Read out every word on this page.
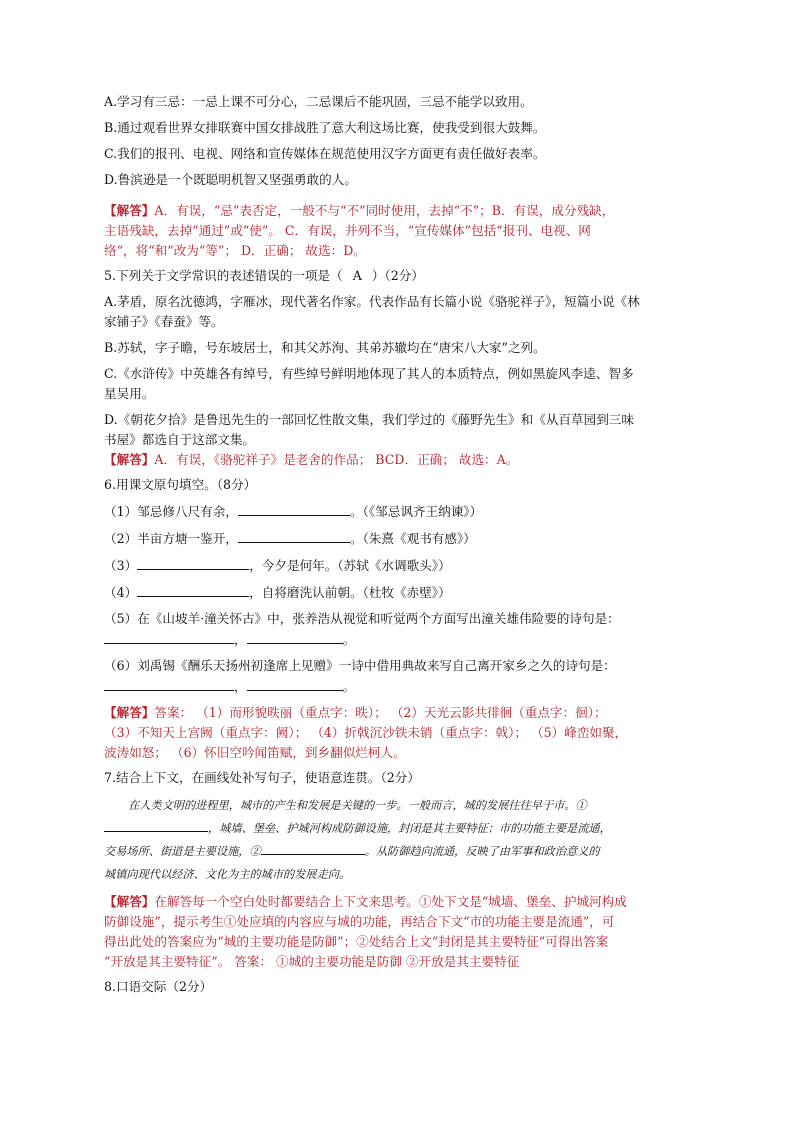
A.学习有三忌：一忌上课不可分心，二忌课后不能巩固，三忌不能学以致用。

B.通过观看世界女排联赛中国女排战胜了意大利这场比赛，使我受到很大鼓舞。

C.我们的报刊、电视、网络和宣传媒体在规范使用汉字方面更有责任做好表率。

D.鲁滨逊是一个既聪明机智又坚强勇敢的人。

【解答】A．有误，“忌”表否定，一般不与“不”同时使用，去掉“不”；B．有误，成分残缺，

主语残缺，去掉“通过”或“使”。 C．有误，并列不当，“宣传媒体”包括“报刊、电视、网

络“，将“和”改为“等”； D．正确； 故选：D。

5.下列关于文学常识的表述错误的一项是（ A ）（2分）

A.茅盾，原名沈德鸿，字雁冰，现代著名作家。代表作品有长篇小说《骆驼祥子》，短篇小说《林

家铺子》《春蚕》等。

B.苏轼，字子瞻，号东坡居士，和其父苏洵、其弟苏辙均在“唐宋八大家”之列。

C.《水浒传》中英雄各有绰号，有些绰号鲜明地体现了其人的本质特点，例如黑旋风李逵、智多

星吴用。

D.《朝花夕拾》是鲁迅先生的一部回忆性散文集，我们学过的《藤野先生》和《从百草园到三味

书屋》都选自于这部文集。

【解答】A．有误，《骆驼祥子》是老舍的作品； BCD．正确； 故选：A。

6.用课文原句填空。（8分）

（1）邹忌修八尺有余，	。（《邹忌讽齐王纳谏》）

（2）半亩方塘一鉴开，	。（朱熹《观书有感》）

（3）	，今夕是何年。（苏轼《水调歌头》）

（4）	，自将磨洗认前朝。（杜牧《赤壁》）

（5）在《山坡羊·潼关怀古》中，张养浩从视觉和听觉两个方面写出潼关雄伟险要的诗句是：

，	。

（6）刘禹锡《酬乐天扬州初逢席上见赠》一诗中借用典故来写自己离开家乡之久的诗句是：

，	。

【解答】答案： （1）而形貌昳丽（重点字：昳）； （2）天光云影共徘徊（重点字：徊）；

（3）不知天上宫阙（重点字：阙）； （4）折戟沉沙铁未销（重点字：戟）； （5）峰峦如聚，

波涛如怒； （6）怀旧空吟闻笛赋，到乡翻似烂柯人。

7.结合上下文，在画线处补写句子，使语意连贯。（2分）

在人类文明的进程里，城市的产生和发展是关键的一步。一般而言，城的发展往往早于市。①

，城墙、堡垒、护城河构成防御设施，封闭是其主要特征；市的功能主要是流通，

交易场所、街道是主要设施，②	。从防御趋向流通，反映了由军事和政治意义的

城镇向现代以经济、文化为主的城市的发展走向。

【解答】在解答每一个空白处时都要结合上下文来思考。①处下文是“城墙、堡垒、护城河构成

防御设施”，提示考生①处应填的内容应与城的功能，再结合下文“市的功能主要是流通”，可

得出此处的答案应为“城的主要功能是防御”；②处结合上文“封闭是其主要特征”可得出答案

“开放是其主要特征”。 答案： ①城的主要功能是防御 ②开放是其主要特征

8.口语交际（2分）
